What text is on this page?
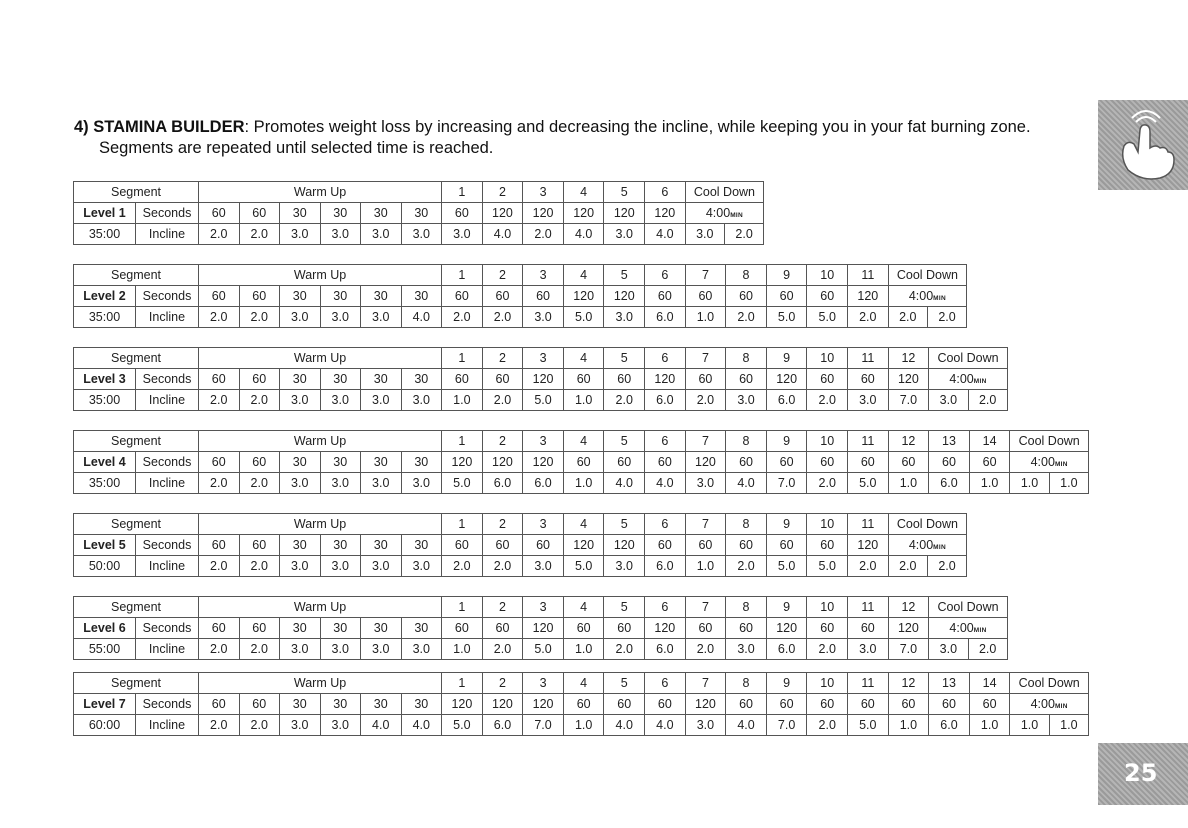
4) STAMINA BUILDER: Promotes weight loss by increasing and decreasing the incline, while keeping you in your fat burning zone.
Segments are repeated until selected time is reached.
Segment		Warm Up						1	2	3	4	5	6	Cool Down	
Level 1	Seconds	60	60	30	30	30	30	60	120	120	120	120	120	4:00MIN	
35:00	Incline	2.0	2.0	3.0	3.0	3.0	3.0	3.0	4.0	2.0	4.0	3.0	4.0	3.0	2.0
Segment		Warm Up						1	2	3	4	5	6	7	8	9	10	11	Cool Down	
Level 2	Seconds	60	60	30	30	30	30	60	60	60	120	120	60	60	60	60	60	120	4:00MIN	
35:00	Incline	2.0	2.0	3.0	3.0	3.0	4.0	2.0	2.0	3.0	5.0	3.0	6.0	1.0	2.0	5.0	5.0	2.0	2.0	2.0
Segment		Warm Up						1	2	3	4	5	6	7	8	9	10	11	12	Cool Down	
Level 3	Seconds	60	60	30	30	30	30	60	60	120	60	60	120	60	60	120	60	60	120	4:00MIN	
35:00	Incline	2.0	2.0	3.0	3.0	3.0	3.0	1.0	2.0	5.0	1.0	2.0	6.0	2.0	3.0	6.0	2.0	3.0	7.0	3.0	2.0
Segment		Warm Up						1	2	3	4	5	6	7	8	9	10	11	12	13	14	Cool Down	
Level 4	Seconds	60	60	30	30	30	30	120	120	120	60	60	60	120	60	60	60	60	60	60	60	4:00MIN	
35:00	Incline	2.0	2.0	3.0	3.0	3.0	3.0	5.0	6.0	6.0	1.0	4.0	4.0	3.0	4.0	7.0	2.0	5.0	1.0	6.0	1.0	1.0	1.0
Segment		Warm Up						1	2	3	4	5	6	7	8	9	10	11	Cool Down	
Level 5	Seconds	60	60	30	30	30	30	60	60	60	120	120	60	60	60	60	60	120	4:00MIN	
50:00	Incline	2.0	2.0	3.0	3.0	3.0	3.0	2.0	2.0	3.0	5.0	3.0	6.0	1.0	2.0	5.0	5.0	2.0	2.0	2.0
Segment		Warm Up						1	2	3	4	5	6	7	8	9	10	11	12	Cool Down	
Level 6	Seconds	60	60	30	30	30	30	60	60	120	60	60	120	60	60	120	60	60	120	4:00MIN	
55:00	Incline	2.0	2.0	3.0	3.0	3.0	3.0	1.0	2.0	5.0	1.0	2.0	6.0	2.0	3.0	6.0	2.0	3.0	7.0	3.0	2.0
Segment		Warm Up						1	2	3	4	5	6	7	8	9	10	11	12	13	14	Cool Down	
Level 7	Seconds	60	60	30	30	30	30	120	120	120	60	60	60	120	60	60	60	60	60	60	60	4:00MIN	
60:00	Incline	2.0	2.0	3.0	3.0	4.0	4.0	5.0	6.0	7.0	1.0	4.0	4.0	3.0	4.0	7.0	2.0	5.0	1.0	6.0	1.0	1.0	1.0
25
